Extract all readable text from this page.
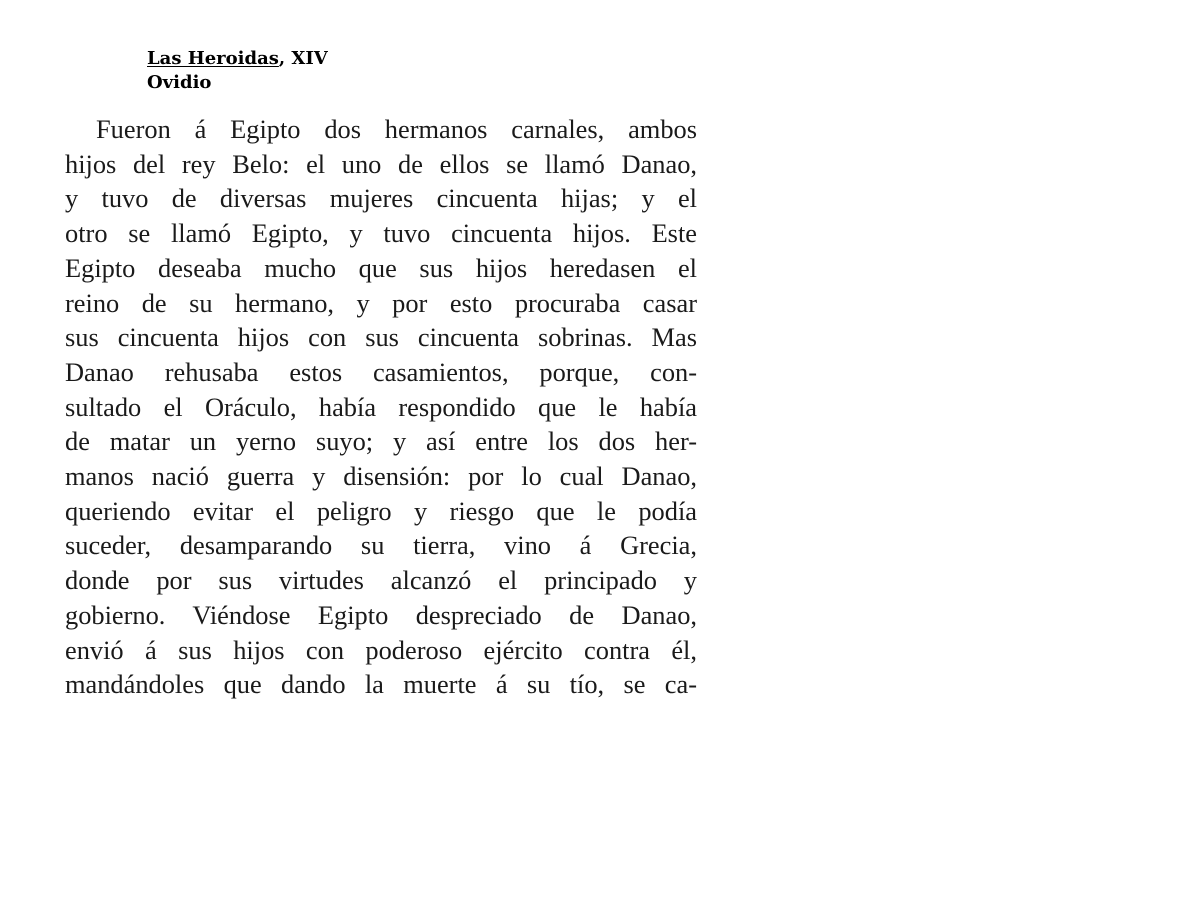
Las Heroidas, XIV
Ovidio
Fueron á Egipto dos hermanos carnales, ambos
hijos del rey Belo: el uno de ellos se llamó Danao,
y tuvo de diversas mujeres cincuenta hijas; y el
otro se llamó Egipto, y tuvo cincuenta hijos. Este
Egipto deseaba mucho que sus hijos heredasen el
reino de su hermano, y por esto procuraba casar
sus cincuenta hijos con sus cincuenta sobrinas. Mas
Danao rehusaba estos casamientos, porque, con-
sultado el Oráculo, había respondido que le había
de matar un yerno suyo; y así entre los dos her-
manos nació guerra y disensión: por lo cual Danao,
queriendo evitar el peligro y riesgo que le podía
suceder, desamparando su tierra, vino á Grecia,
donde por sus virtudes alcanzó el principado y
gobierno. Viéndose Egipto despreciado de Danao,
envió á sus hijos con poderoso ejército contra él,
mandándoles que dando la muerte á su tío, se ca-
